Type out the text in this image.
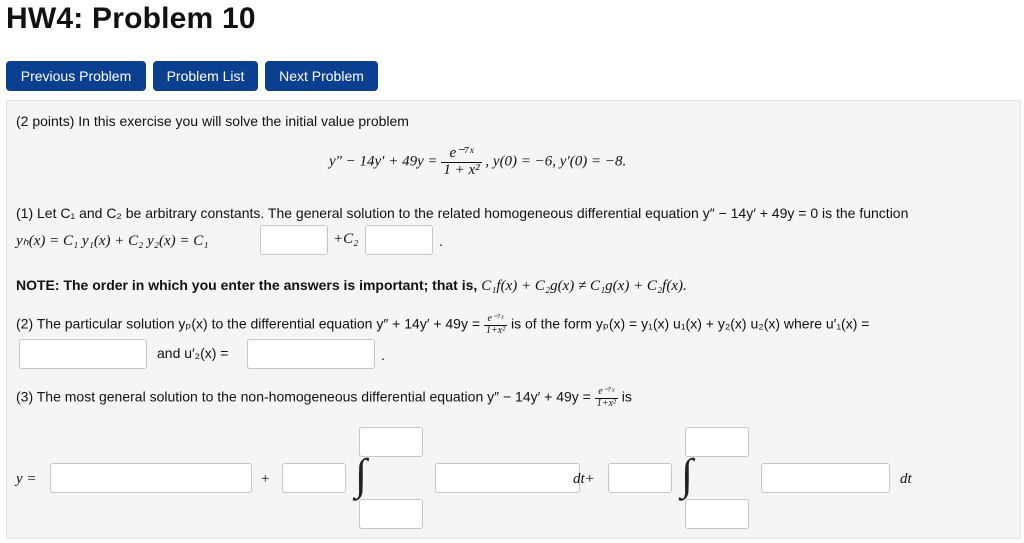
HW4: Problem 10
Previous Problem	Problem List	Next Problem
(2 points) In this exercise you will solve the initial value problem
$y'' - 14y' + 49y = \frac{\text{e⁻⁷ˣ}}{\text{1 + x²}}$ , y(0) = −6, y′(0) = −8.
(1) Let C₁ and C₂ be arbitrary constants. The general solution to the related homogeneous differential equation y″ − 14y′ + 49y = 0 is the function
yₕ(x) = C₁ y₁(x) + C₂ y₂(x) = C₁	+C₂	.
NOTE: The order in which you enter the answers is important; that is, C₁f(x) + C₂g(x) ≠ C₁g(x) + C₂f(x).
(2) The particular solution yₚ(x) to the differential equation $y'' + 14y' + 49y = \frac{\text{e⁻⁷ˣ}}{\text{1+x²}}$ is of the form yₚ(x) = y₁(x) u₁(x) + y₂(x) u₂(x) where u′₁(x) =
and u′₂(x) =	.
(3) The most general solution to the non-homogeneous differential equation $y'' - 14y' + 49y = \frac{\text{e⁻⁷ˣ}}{\text{1+x²}}$ is
y =	+ ∫	dt+ ∫	dt
